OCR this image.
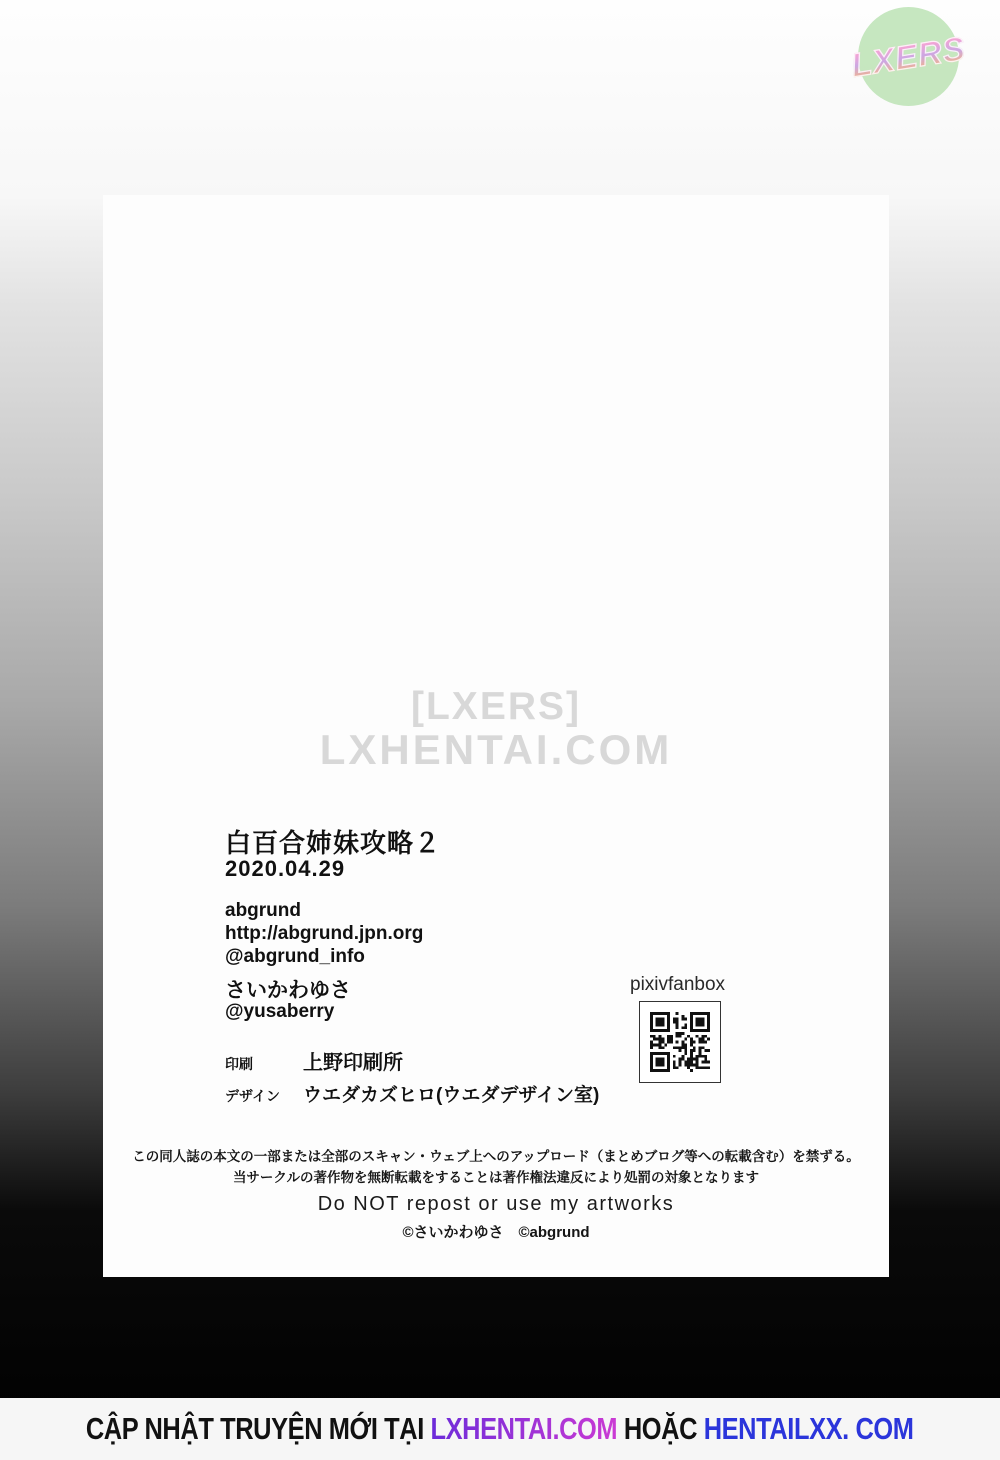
LXERS
[LXERS]
LXHENTAI.COM
白百合姉妹攻略２
2020.04.29
abgrund
http://abgrund.jpn.org
@abgrund_info
さいかわゆさ
@yusaberry
印刷	上野印刷所
デザイン	ウエダカズヒロ(ウエダデザイン室)
pixivfanbox
この同人誌の本文の一部または全部のスキャン・ウェブ上へのアップロード（まとめブログ等への転載含む）を禁ずる。
当サークルの著作物を無断転載をすることは著作権法違反により処罰の対象となります
Do NOT repost or use my artworks
©さいかわゆさ　©abgrund
CẬP NHẬT TRUYỆN MỚI TẠI LXHENTAI.COM HOẶC HENTAILXX. COM
